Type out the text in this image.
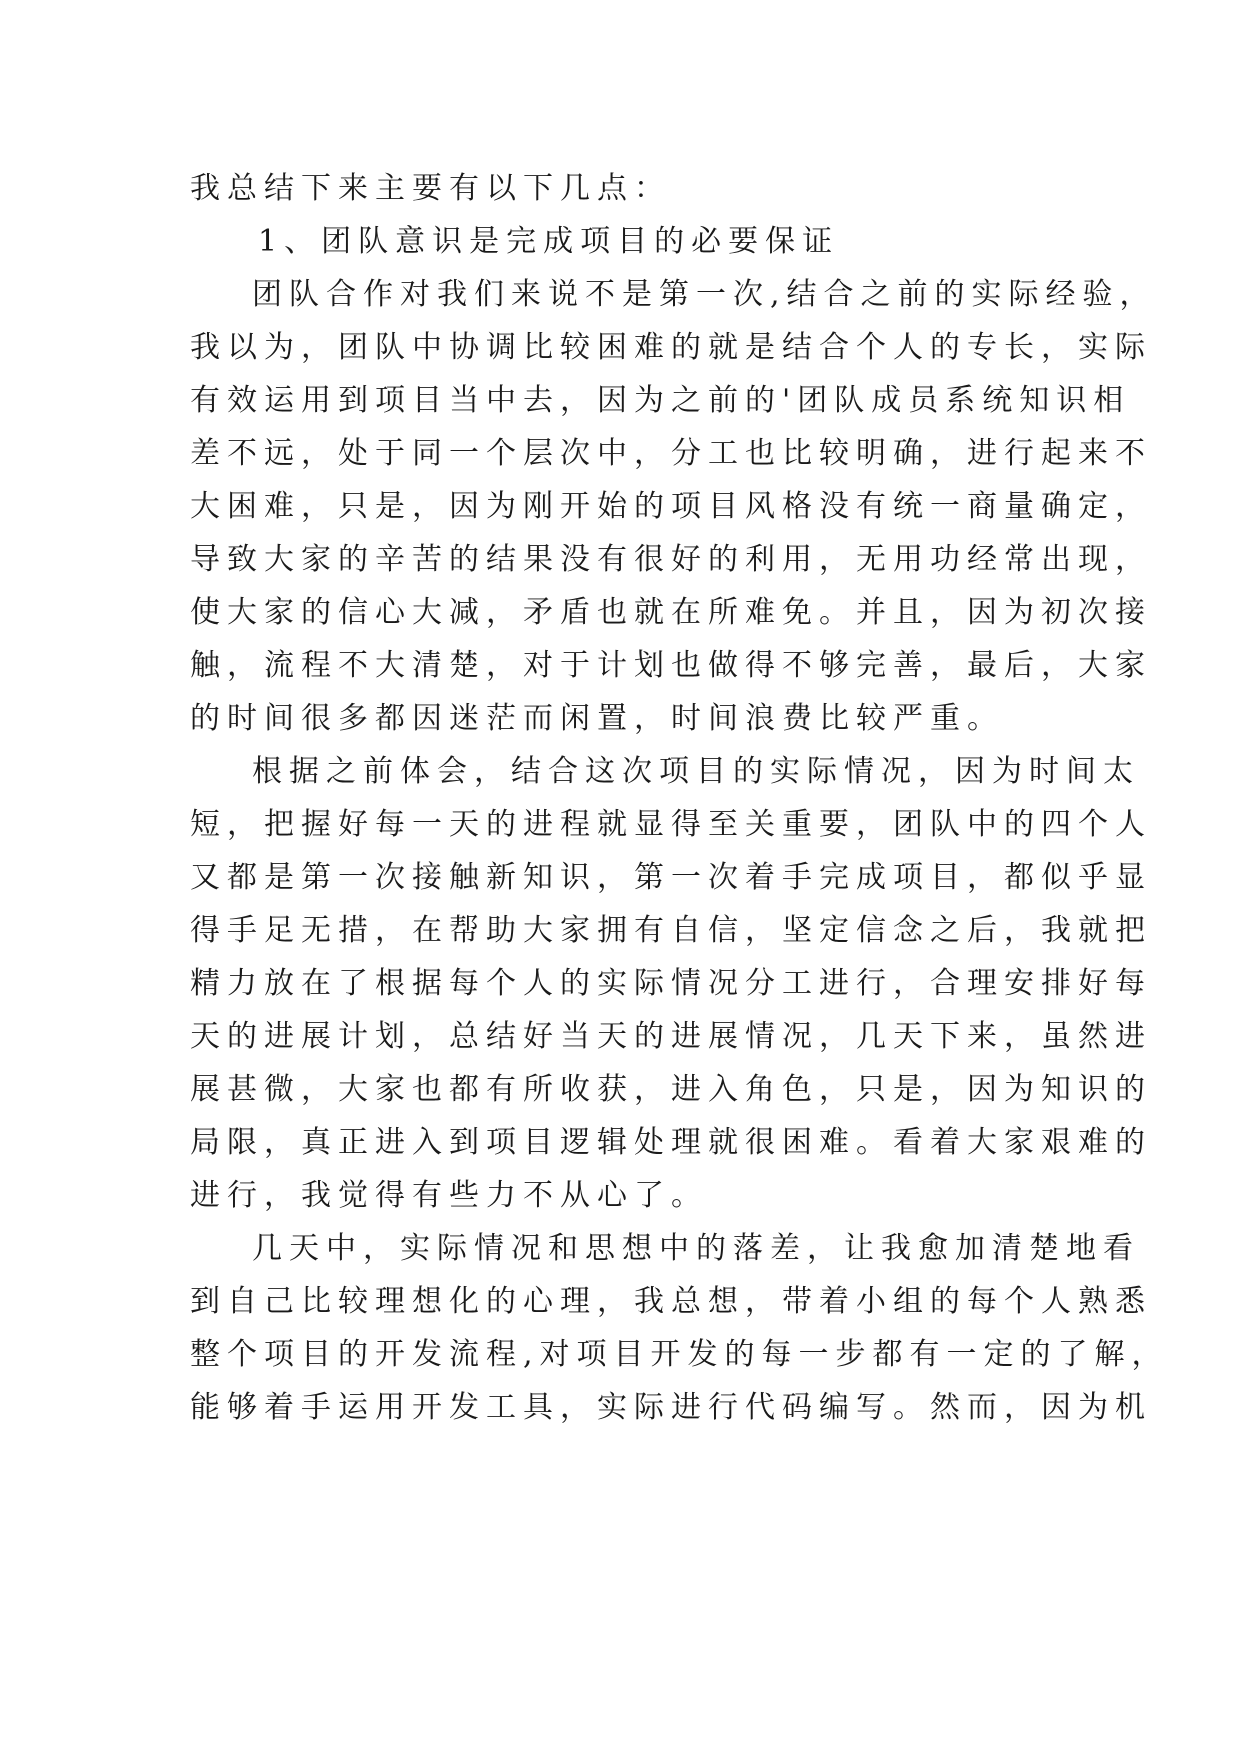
我总结下来主要有以下几点：
1、团队意识是完成项目的必要保证
团队合作对我们来说不是第一次,结合之前的实际经验，
我以为，团队中协调比较困难的就是结合个人的专长，实际
有效运用到项目当中去，因为之前的'团队成员系统知识相
差不远，处于同一个层次中，分工也比较明确，进行起来不
大困难，只是，因为刚开始的项目风格没有统一商量确定，
导致大家的辛苦的结果没有很好的利用，无用功经常出现，
使大家的信心大减，矛盾也就在所难免。并且，因为初次接
触，流程不大清楚，对于计划也做得不够完善，最后，大家
的时间很多都因迷茫而闲置，时间浪费比较严重。
根据之前体会，结合这次项目的实际情况，因为时间太
短，把握好每一天的进程就显得至关重要，团队中的四个人
又都是第一次接触新知识，第一次着手完成项目，都似乎显
得手足无措，在帮助大家拥有自信，坚定信念之后，我就把
精力放在了根据每个人的实际情况分工进行，合理安排好每
天的进展计划，总结好当天的进展情况，几天下来，虽然进
展甚微，大家也都有所收获，进入角色，只是，因为知识的
局限，真正进入到项目逻辑处理就很困难。看着大家艰难的
进行，我觉得有些力不从心了。
几天中，实际情况和思想中的落差，让我愈加清楚地看
到自己比较理想化的心理，我总想，带着小组的每个人熟悉
整个项目的开发流程,对项目开发的每一步都有一定的了解，
能够着手运用开发工具，实际进行代码编写。然而，因为机
